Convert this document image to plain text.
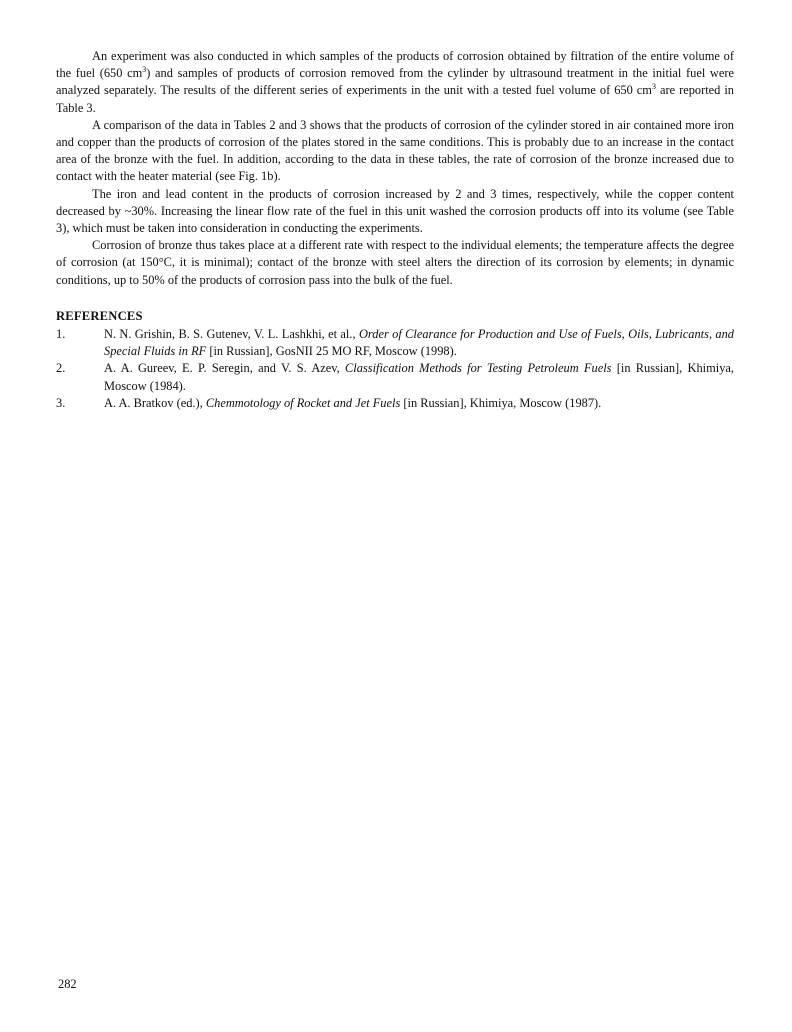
An experiment was also conducted in which samples of the products of corrosion obtained by filtration of the entire volume of the fuel (650 $cm^3$) and samples of products of corrosion removed from the cylinder by ultrasound treatment in the initial fuel were analyzed separately. The results of the different series of experiments in the unit with a tested fuel volume of 650 $cm^3$ are reported in Table 3.

A comparison of the data in Tables 2 and 3 shows that the products of corrosion of the cylinder stored in air contained more iron and copper than the products of corrosion of the plates stored in the same conditions. This is probably due to an increase in the contact area of the bronze with the fuel. In addition, according to the data in these tables, the rate of corrosion of the bronze increased due to contact with the heater material (see Fig. 1b).

The iron and lead content in the products of corrosion increased by 2 and 3 times, respectively, while the copper content decreased by ~30%. Increasing the linear flow rate of the fuel in this unit washed the corrosion products off into its volume (see Table 3), which must be taken into consideration in conducting the experiments.

Corrosion of bronze thus takes place at a different rate with respect to the individual elements; the temperature affects the degree of corrosion (at 150°C, it is minimal); contact of the bronze with steel alters the direction of its corrosion by elements; in dynamic conditions, up to 50% of the products of corrosion pass into the bulk of the fuel.

REFERENCES
1.	N. N. Grishin, B. S. Gutenev, V. L. Lashkhi, et al., Order of Clearance for Production and Use of Fuels, Oils, Lubricants, and Special Fluids in RF [in Russian], GosNII 25 MO RF, Moscow (1998).
2.	A. A. Gureev, E. P. Seregin, and V. S. Azev, Classification Methods for Testing Petroleum Fuels [in Russian], Khimiya, Moscow (1984).
3.	A. A. Bratkov (ed.), Chemmotology of Rocket and Jet Fuels [in Russian], Khimiya, Moscow (1987).
282
